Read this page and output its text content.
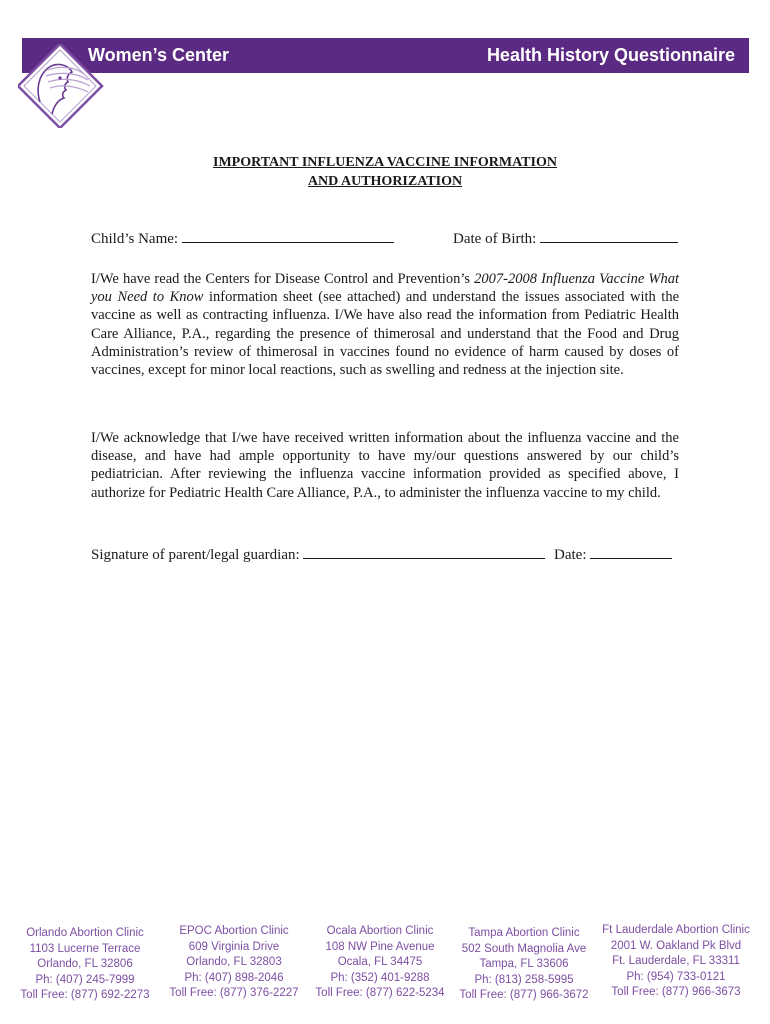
Women’s Center	Health History Questionnaire
IMPORTANT INFLUENZA VACCINE INFORMATION
AND AUTHORIZATION
Child’s Name:	Date of Birth:

I/We have read the Centers for Disease Control and Prevention’s 2007-2008 Influenza Vaccine What you Need to Know information sheet (see attached) and understand the issues associated with the vaccine as well as contracting influenza. I/We have also read the information from Pediatric Health Care Alliance, P.A., regarding the presence of thimerosal and understand that the Food and Drug Administration’s review of thimerosal in vaccines found no evidence of harm caused by doses of vaccines, except for minor local reactions, such as swelling and redness at the injection site.

I/We acknowledge that I/we have received written information about the influenza vaccine and the disease, and have had ample opportunity to have my/our questions answered by our child’s pediatrician. After reviewing the influenza vaccine information provided as specified above, I authorize for Pediatric Health Care Alliance, P.A., to administer the influenza vaccine to my child.

Signature of parent/legal guardian:	Date:
Orlando Abortion Clinic
1103 Lucerne Terrace
Orlando, FL 32806
Ph: (407) 245-7999
Toll Free: (877) 692-2273
EPOC Abortion Clinic
609 Virginia Drive
Orlando, FL 32803
Ph: (407) 898-2046
Toll Free: (877) 376-2227
Ocala Abortion Clinic
108 NW Pine Avenue
Ocala, FL 34475
Ph: (352) 401-9288
Toll Free: (877) 622-5234
Tampa Abortion Clinic
502 South Magnolia Ave
Tampa, FL 33606
Ph: (813) 258-5995
Toll Free: (877) 966-3672
Ft Lauderdale Abortion Clinic
2001 W. Oakland Pk Blvd
Ft. Lauderdale, FL 33311
Ph: (954) 733-0121
Toll Free: (877) 966-3673
